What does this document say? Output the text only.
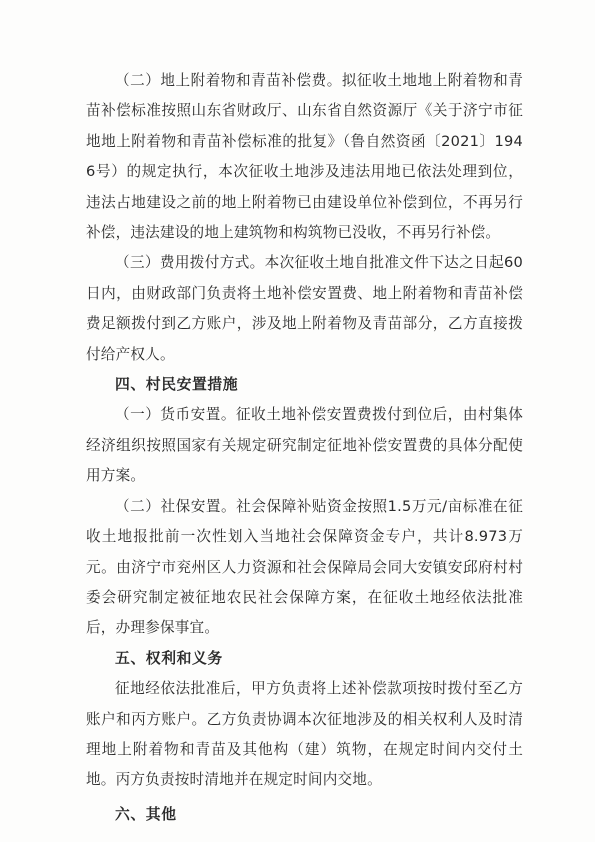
（二）地上附着物和青苗补偿费。拟征收土地地上附着物和青苗补偿标准按照山东省财政厅、山东省自然资源厅《关于济宁市征地地上附着物和青苗补偿标准的批复》（鲁自然资函〔2021〕1946号）的规定执行，本次征收土地涉及违法用地已依法处理到位，违法占地建设之前的地上附着物已由建设单位补偿到位，不再另行补偿，违法建设的地上建筑物和构筑物已没收，不再另行补偿。

（三）费用拨付方式。本次征收土地自批准文件下达之日起60日内，由财政部门负责将土地补偿安置费、地上附着物和青苗补偿费足额拨付到乙方账户，涉及地上附着物及青苗部分，乙方直接拨付给产权人。

四、村民安置措施

（一）货币安置。征收土地补偿安置费拨付到位后，由村集体经济组织按照国家有关规定研究制定征地补偿安置费的具体分配使用方案。

（二）社保安置。社会保障补贴资金按照1.5万元/亩标准在征收土地报批前一次性划入当地社会保障资金专户，共计8.973万元。由济宁市兖州区人力资源和社会保障局会同大安镇安邱府村村委会研究制定被征地农民社会保障方案，在征收土地经依法批准后，办理参保事宜。

五、权利和义务

征地经依法批准后，甲方负责将上述补偿款项按时拨付至乙方账户和丙方账户。乙方负责协调本次征地涉及的相关权利人及时清理地上附着物和青苗及其他构（建）筑物，在规定时间内交付土地。丙方负责按时清地并在规定时间内交地。

六、其他
